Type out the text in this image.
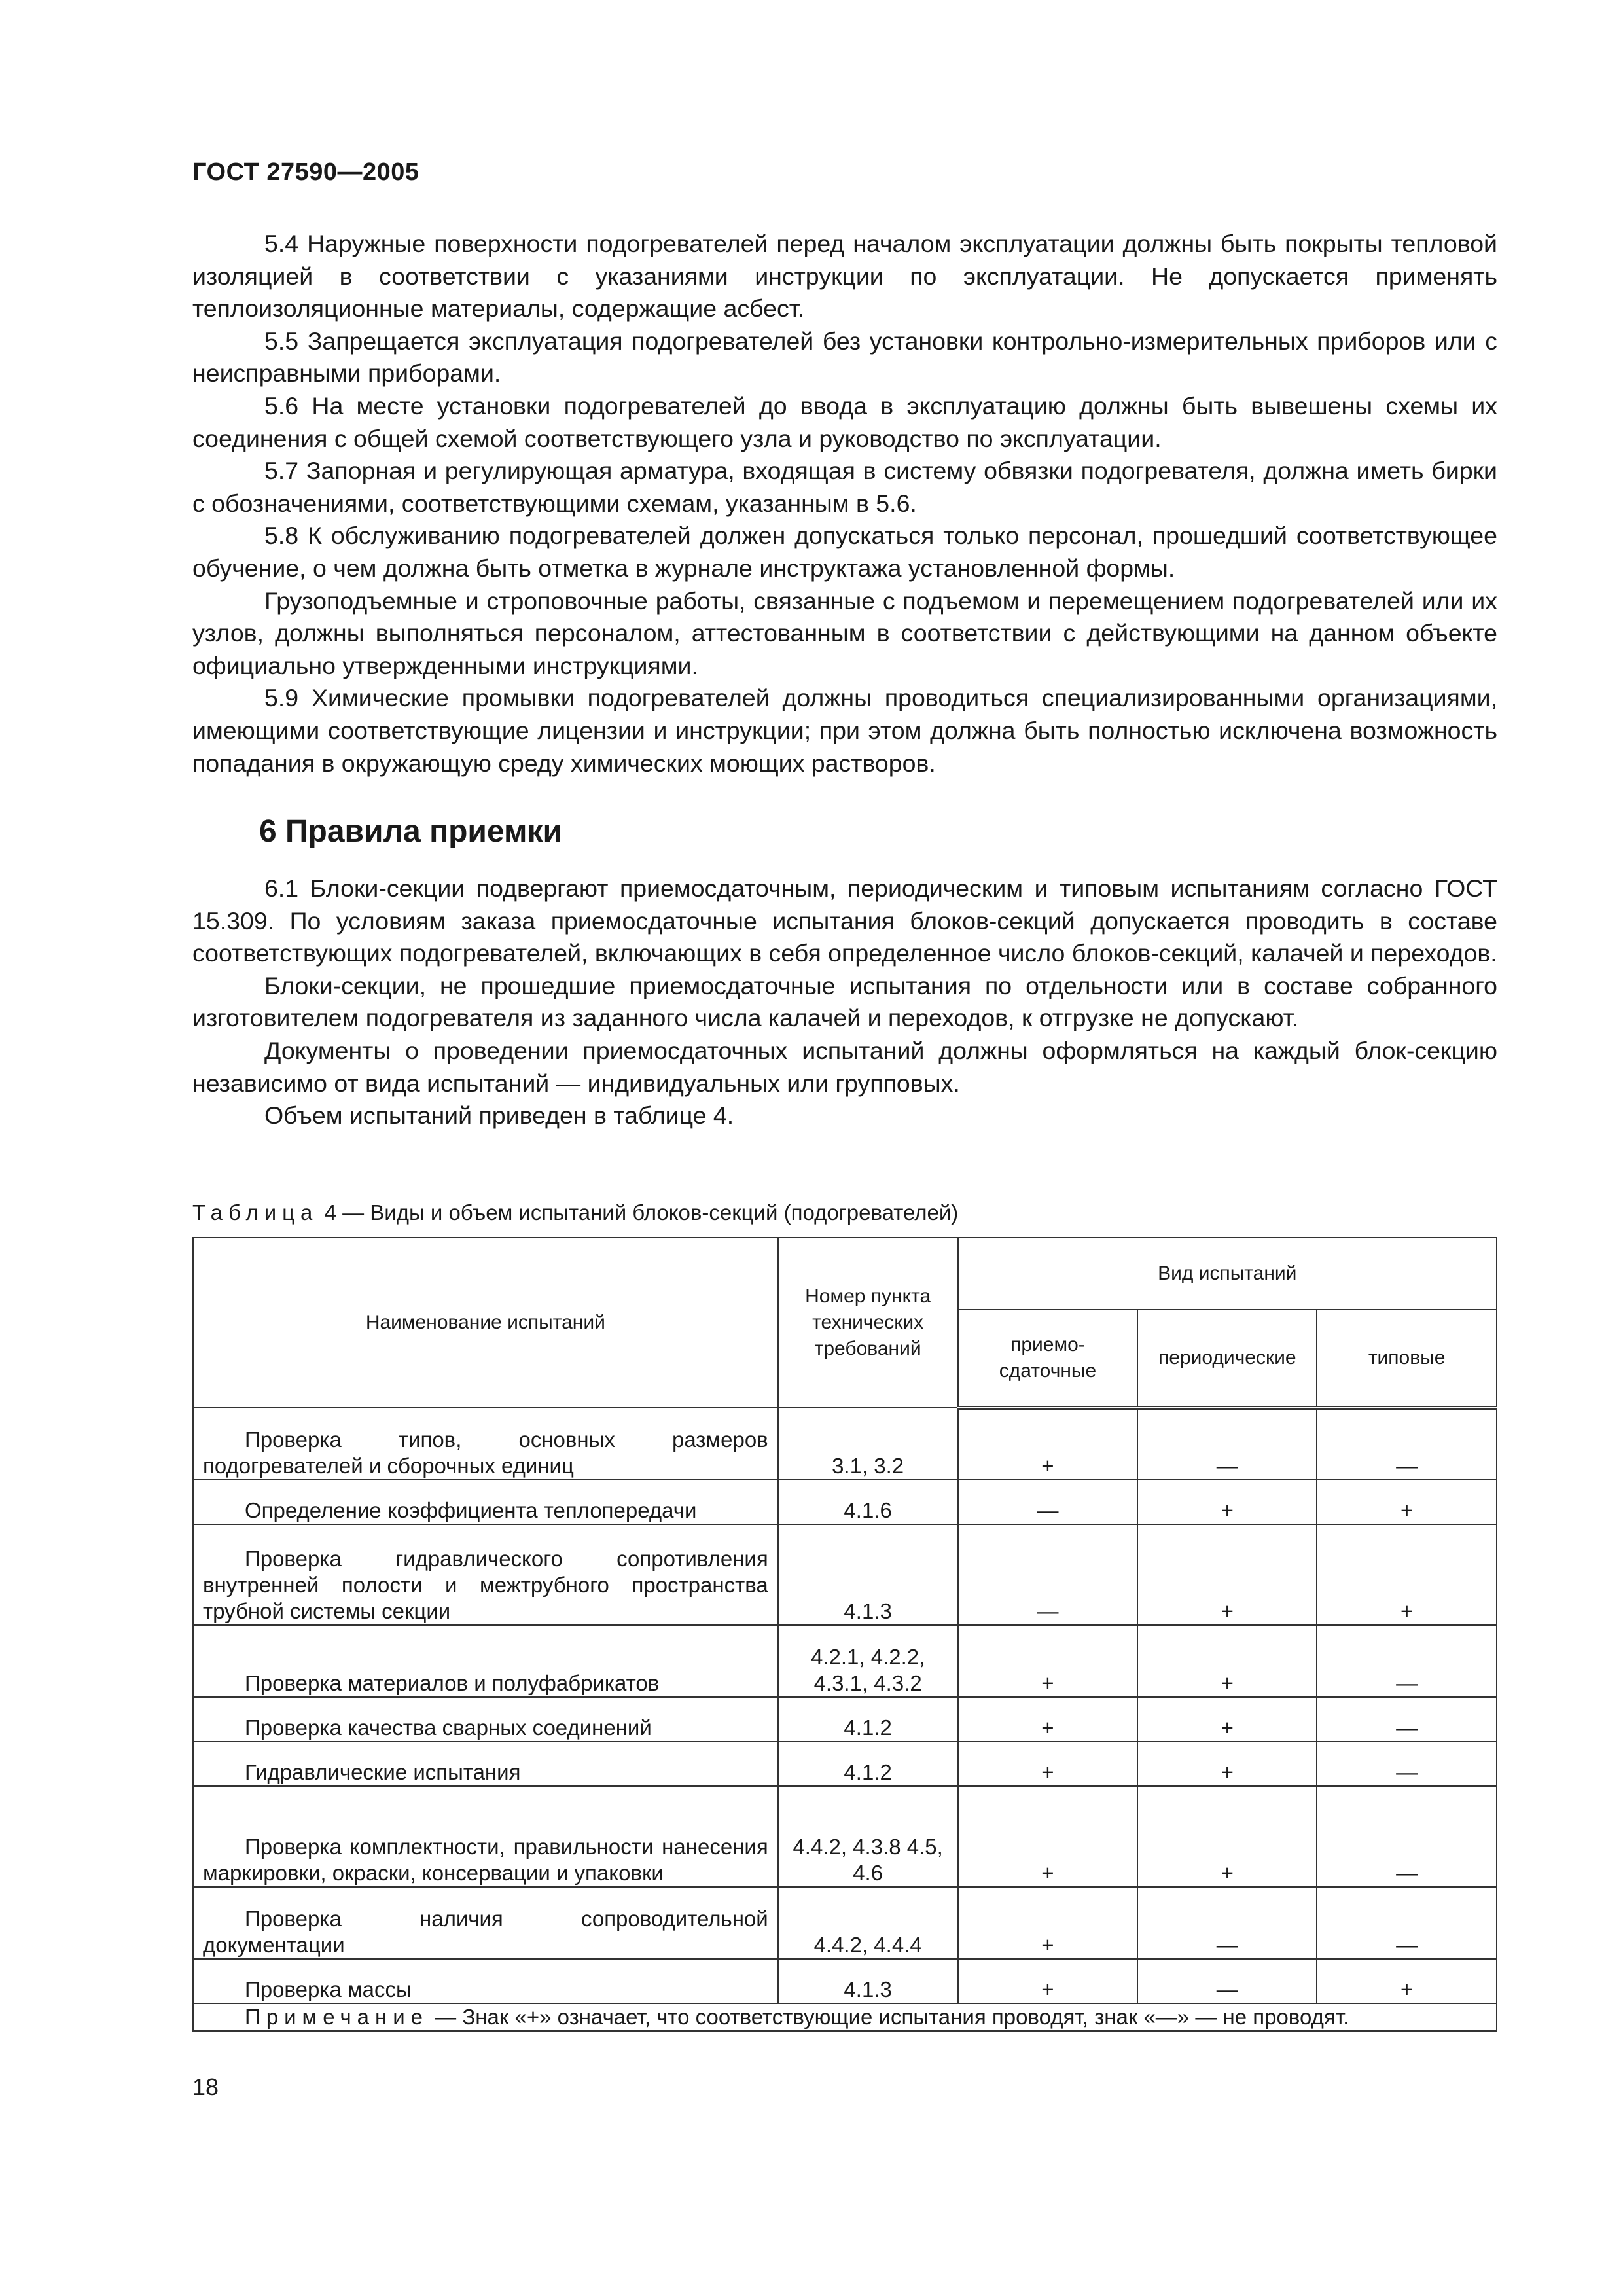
ГОСТ 27590—2005

5.4 Наружные поверхности подогревателей перед началом эксплуатации должны быть покрыты тепловой изоляцией в соответствии с указаниями инструкции по эксплуатации. Не допускается применять теплоизоляционные материалы, содержащие асбест.

5.5 Запрещается эксплуатация подогревателей без установки контрольно-измерительных приборов или с неисправными приборами.

5.6 На месте установки подогревателей до ввода в эксплуатацию должны быть вывешены схемы их соединения с общей схемой соответствующего узла и руководство по эксплуатации.

5.7 Запорная и регулирующая арматура, входящая в систему обвязки подогревателя, должна иметь бирки с обозначениями, соответствующими схемам, указанным в 5.6.

5.8 К обслуживанию подогревателей должен допускаться только персонал, прошедший соответствующее обучение, о чем должна быть отметка в журнале инструктажа установленной формы.

Грузоподъемные и строповочные работы, связанные с подъемом и перемещением подогревателей или их узлов, должны выполняться персоналом, аттестованным в соответствии с действующими на данном объекте официально утвержденными инструкциями.

5.9 Химические промывки подогревателей должны проводиться специализированными организациями, имеющими соответствующие лицензии и инструкции; при этом должна быть полностью исключена возможность попадания в окружающую среду химических моющих растворов.

6 Правила приемки

6.1 Блоки-секции подвергают приемосдаточным, периодическим и типовым испытаниям согласно ГОСТ 15.309. По условиям заказа приемосдаточные испытания блоков-секций допускается проводить в составе соответствующих подогревателей, включающих в себя определенное число блоков-секций, калачей и переходов.

Блоки-секции, не прошедшие приемосдаточные испытания по отдельности или в составе собранного изготовителем подогревателя из заданного числа калачей и переходов, к отгрузке не допускают.

Документы о проведении приемосдаточных испытаний должны оформляться на каждый блок-секцию независимо от вида испытаний — индивидуальных или групповых.

Объем испытаний приведен в таблице 4.

Таблица 4 — Виды и объем испытаний блоков-секций (подогревателей)
Наименование испытаний	Номер пункта технических требований	Вид испытаний		
		приемо-сдаточные	периодические	типовые
Проверка типов, основных размеров подогревателей и сборочных единиц	3.1, 3.2	+	—	—
Определение коэффициента теплопередачи	4.1.6	—	+	+
Проверка гидравлического сопротивления внутренней полости и межтрубного пространства трубной системы секции	4.1.3	—	+	+
Проверка материалов и полуфабрикатов	4.2.1, 4.2.2, 4.3.1, 4.3.2	+	+	—
Проверка качества сварных соединений	4.1.2	+	+	—
Гидравлические испытания	4.1.2	+	+	—
Проверка комплектности, правильности нанесения маркировки, окраски, консервации и упаковки	4.4.2, 4.3.8 4.5, 4.6	+	+	—
Проверка наличия сопроводительной документации	4.4.2, 4.4.4	+	—	—
Проверка массы	4.1.3	+	—	+
Примечание — Знак «+» означает, что соответствующие испытания проводят, знак «—» — не проводят.				
18
